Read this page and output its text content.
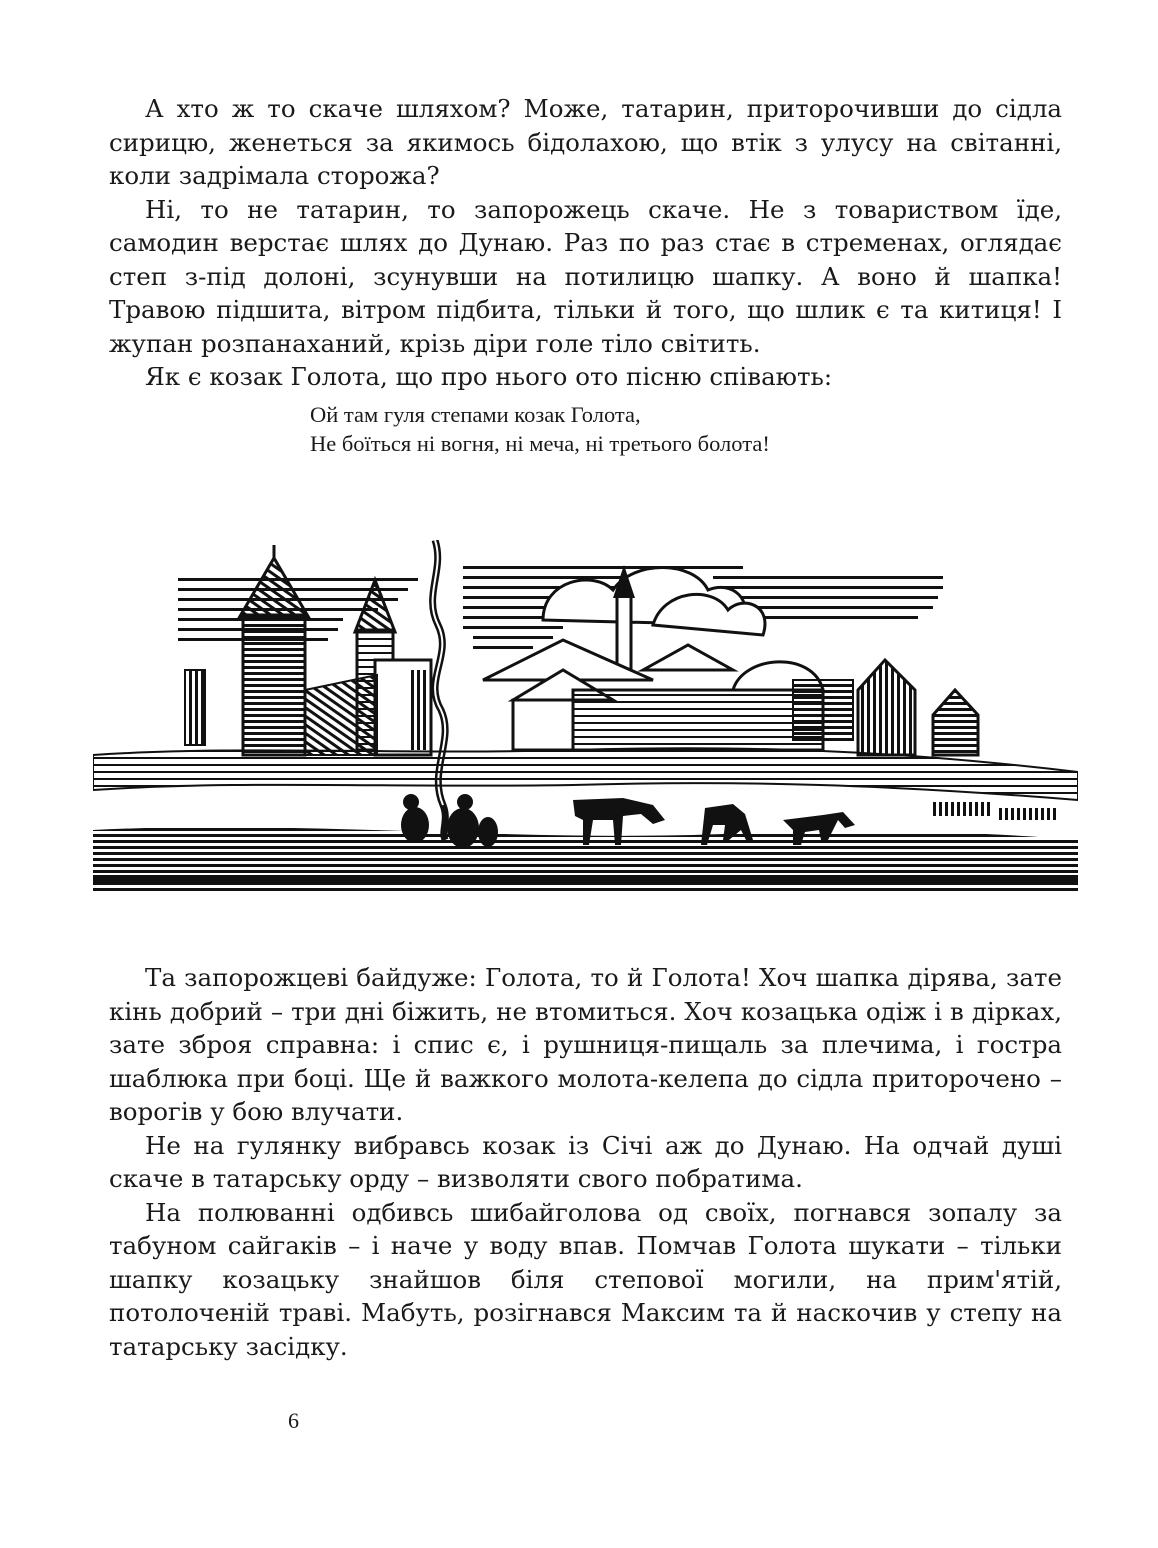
А хто ж то скаче шляхом? Може, татарин, приторочивши до сідла сирицю, женеться за якимось бідолахою, що втік з улусу на світанні, коли задрімала сторожа?

Ні, то не татарин, то запорожець скаче. Не з товариством їде, самодин верстає шлях до Дунаю. Раз по раз стає в стременах, оглядає степ з-під долоні, зсунувши на потилицю шапку. А воно й шапка! Травою підшита, вітром підбита, тільки й того, що шлик є та китиця! І жупан розпанаханий, крізь діри голе тіло світить.

Як є козак Голота, що про нього ото пісню співають:

Ой там гуля степами козак Голота,
Не боїться ні вогня, ні меча, ні третього болота!

Та запорожцеві байдуже: Голота, то й Голота! Хоч шапка дірява, зате кінь добрий – три дні біжить, не втомиться. Хоч козацька одіж і в дірках, зате зброя справна: і спис є, і рушниця-пищаль за плечима, і гостра шаблюка при боці. Ще й важкого молота-келепа до сідла приторочено – ворогів у бою влучати.

Не на гулянку вибравсь козак із Січі аж до Дунаю. На одчай душі скаче в татарську орду – визволяти свого побратима.

На полюванні одбивсь шибайголова од своїх, погнався зопалу за табуном сайгаків – і наче у воду впав. Помчав Голота шукати – тільки шапку козацьку знайшов біля степової могили, на прим'ятій, потолоченій траві. Мабуть, розігнався Максим та й наскочив у степу на татарську засідку.

6
